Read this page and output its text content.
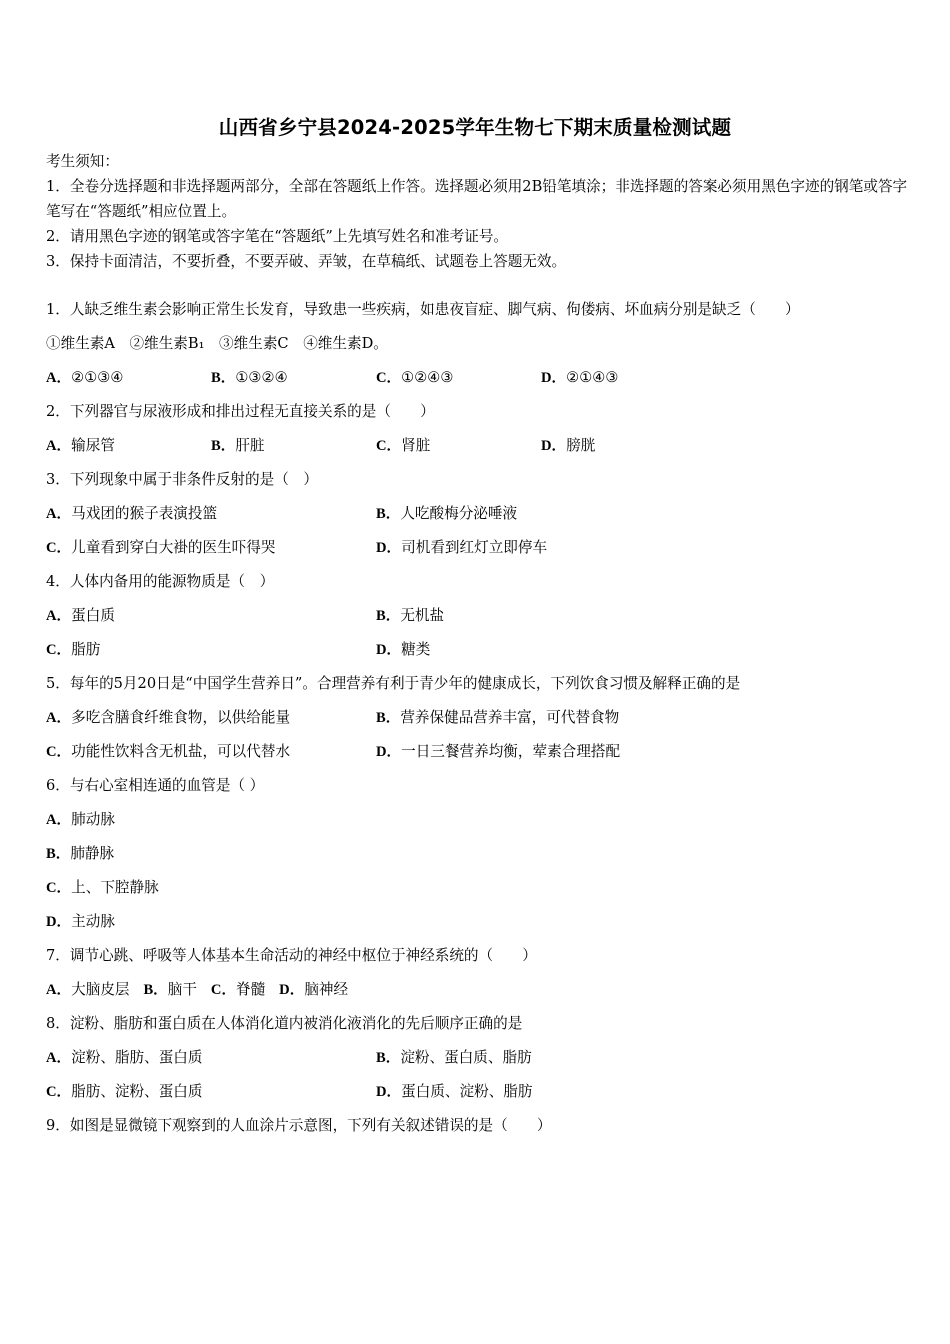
山西省乡宁县2024-2025学年生物七下期末质量检测试题
考生须知：
1．全卷分选择题和非选择题两部分，全部在答题纸上作答。选择题必须用2B铅笔填涂；非选择题的答案必须用黑色字迹的钢笔或答字笔写在“答题纸”相应位置上。
2．请用黑色字迹的钢笔或答字笔在“答题纸”上先填写姓名和准考证号。
3．保持卡面清洁，不要折叠，不要弄破、弄皱，在草稿纸、试题卷上答题无效。
1．人缺乏维生素会影响正常生长发育，导致患一些疾病，如患夜盲症、脚气病、佝偻病、坏血病分别是缺乏（　　）
①维生素A　②维生素B₁　③维生素C　④维生素D。
A．②①③④	B．①③②④	C．①②④③	D．②①④③
2．下列器官与尿液形成和排出过程无直接关系的是（　　）
A．输尿管	B．肝脏	C．肾脏	D．膀胱
3．下列现象中属于非条件反射的是（　）
A．马戏团的猴子表演投篮	B．人吃酸梅分泌唾液
C．儿童看到穿白大褂的医生吓得哭	D．司机看到红灯立即停车
4．人体内备用的能源物质是（　）
A．蛋白质	B．无机盐
C．脂肪	D．糖类
5．每年的5月20日是“中国学生营养日”。合理营养有利于青少年的健康成长，下列饮食习惯及解释正确的是
A．多吃含膳食纤维食物，以供给能量	B．营养保健品营养丰富，可代替食物
C．功能性饮料含无机盐，可以代替水	D．一日三餐营养均衡，荤素合理搭配
6．与右心室相连通的血管是（ ）
A．肺动脉
B．肺静脉
C．上、下腔静脉
D．主动脉
7．调节心跳、呼吸等人体基本生命活动的神经中枢位于神经系统的（　　）
A．大脑皮层 B．脑干 C．脊髓 D．脑神经
8．淀粉、脂肪和蛋白质在人体消化道内被消化液消化的先后顺序正确的是
A．淀粉、脂肪、蛋白质	B．淀粉、蛋白质、脂肪
C．脂肪、淀粉、蛋白质	D．蛋白质、淀粉、脂肪
9．如图是显微镜下观察到的人血涂片示意图，下列有关叙述错误的是（　　）
